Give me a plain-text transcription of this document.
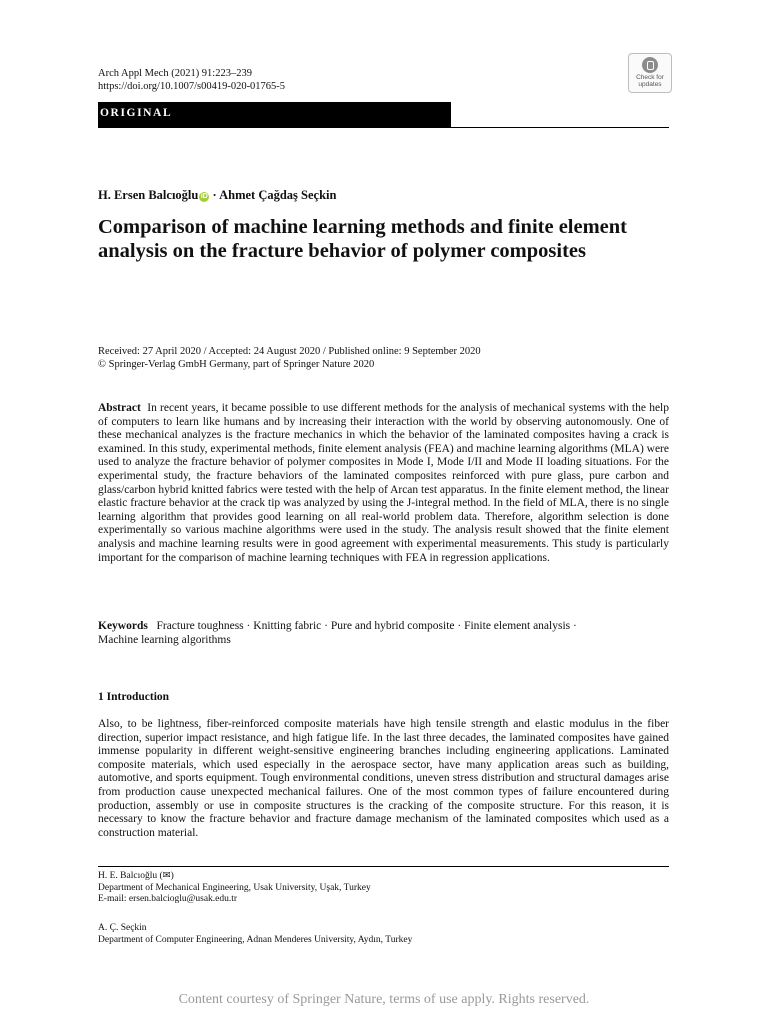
Arch Appl Mech (2021) 91:223–239
https://doi.org/10.1007/s00419-020-01765-5
Check for
updates
ORIGINAL
H. Ersen Balcıoğlu iD · Ahmet Çağdaş Seçkin
Comparison of machine learning methods and finite element
analysis on the fracture behavior of polymer composites
Received: 27 April 2020 / Accepted: 24 August 2020 / Published online: 9 September 2020
© Springer-Verlag GmbH Germany, part of Springer Nature 2020
Abstract In recent years, it became possible to use different methods for the analysis of mechanical systems with the help of computers to learn like humans and by increasing their interaction with the world by observing autonomously. One of these mechanical analyzes is the fracture mechanics in which the behavior of the laminated composites having a crack is examined. In this study, experimental methods, finite element analysis (FEA) and machine learning algorithms (MLA) were used to analyze the fracture behavior of polymer composites in Mode I, Mode I/II and Mode II loading situations. For the experimental study, the fracture behaviors of the laminated composites reinforced with pure glass, pure carbon and glass/carbon hybrid knitted fabrics were tested with the help of Arcan test apparatus. In the finite element method, the linear elastic fracture behavior at the crack tip was analyzed by using the J-integral method. In the field of MLA, there is no single learning algorithm that provides good learning on all real-world problem data. Therefore, algorithm selection is done experimentally so various machine algorithms were used in the study. The analysis result showed that the finite element analysis and machine learning results were in good agreement with experimental measurements. This study is particularly important for the comparison of machine learning techniques with FEA in regression applications.
Keywords Fracture toughness · Knitting fabric · Pure and hybrid composite · Finite element analysis · Machine learning algorithms
1 Introduction
Also, to be lightness, fiber-reinforced composite materials have high tensile strength and elastic modulus in the fiber direction, superior impact resistance, and high fatigue life. In the last three decades, the laminated composites have gained immense popularity in different weight-sensitive engineering branches including engineering applications. Laminated composite materials, which used especially in the aerospace sector, have many application areas such as building, automotive, and sports equipment. Tough environmental conditions, uneven stress distribution and structural damages arise from production cause unexpected mechanical failures. One of the most common types of failure encountered during production, assembly or use in composite structures is the cracking of the composite structure. For this reason, it is necessary to know the fracture behavior and fracture damage mechanism of the laminated composites which used as a construction material.
H. E. Balcıoğlu (✉)
Department of Mechanical Engineering, Usak University, Uşak, Turkey
E-mail: ersen.balcioglu@usak.edu.tr
A. Ç. Seçkin
Department of Computer Engineering, Adnan Menderes University, Aydın, Turkey
Content courtesy of Springer Nature, terms of use apply. Rights reserved.
